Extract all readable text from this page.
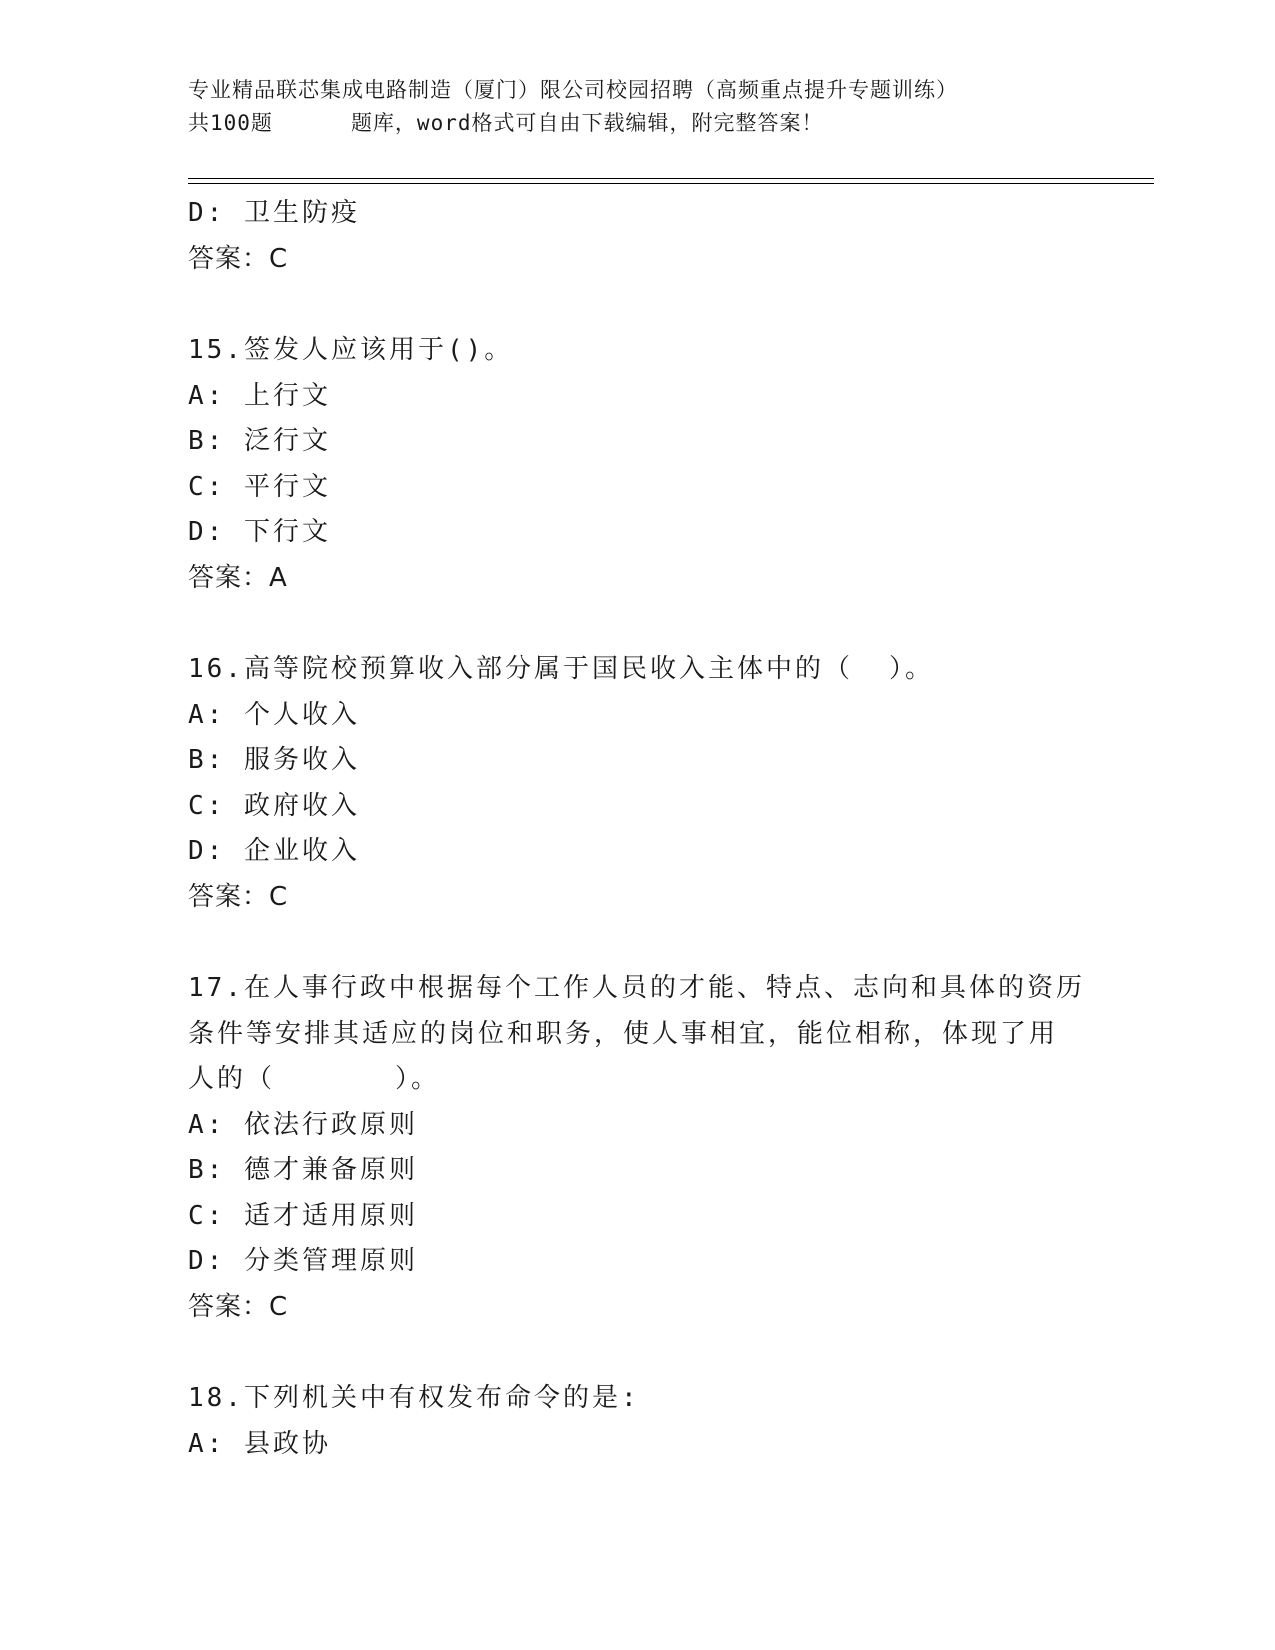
专业精品联芯集成电路制造（厦门）限公司校园招聘（高频重点提升专题训练）
共100题	题库，word格式可自由下载编辑，附完整答案！
D: 卫生防疫
答案：C
15.签发人应该用于()。
A: 上行文
B: 泛行文
C: 平行文
D: 下行文
答案：A
16.高等院校预算收入部分属于国民收入主体中的（ ）。
A: 个人收入
B: 服务收入
C: 政府收入
D: 企业收入
答案：C
17.在人事行政中根据每个工作人员的才能、特点、志向和具体的资历
条件等安排其适应的岗位和职务，使人事相宜，能位相称，体现了用
人的（	）。
A: 依法行政原则
B: 德才兼备原则
C: 适才适用原则
D: 分类管理原则
答案：C
18.下列机关中有权发布命令的是:
A: 县政协
